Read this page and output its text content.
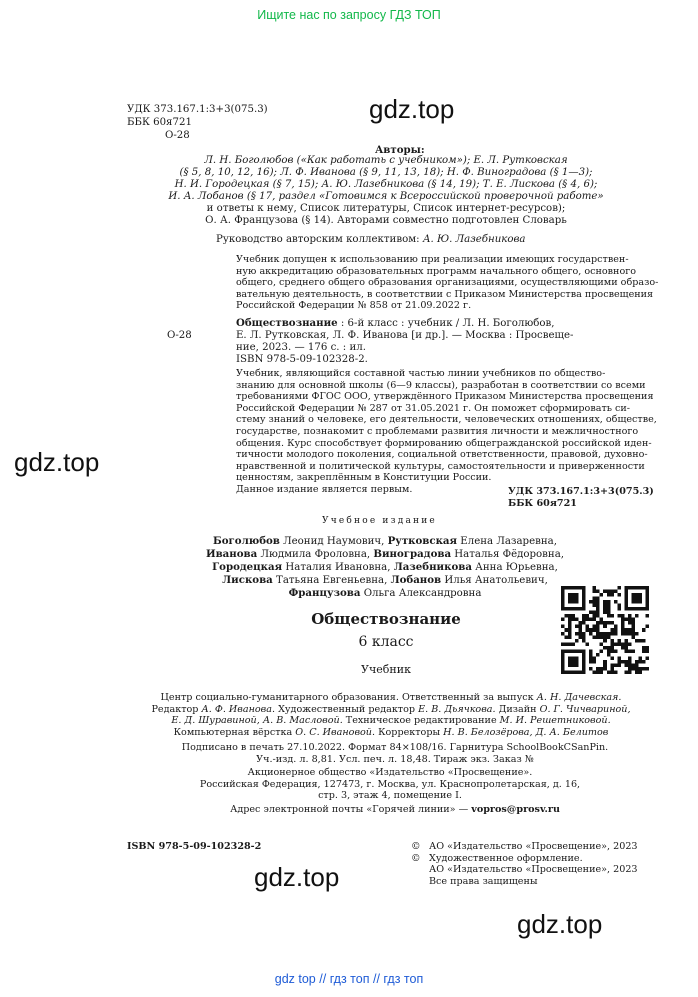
Ищите нас по запросу ГДЗ ТОП
gdz.top
gdz.top
gdz.top
gdz.top
УДК 373.167.1:3+3(075.3)
ББК 60я721
О-28
Авторы:
Л. Н. Боголюбов («Как работать с учебником»); Е. Л. Рутковская
(§ 5, 8, 10, 12, 16); Л. Ф. Иванова (§ 9, 11, 13, 18); Н. Ф. Виноградова (§ 1—3);
Н. И. Городецкая (§ 7, 15); А. Ю. Лазебникова (§ 14, 19); Т. Е. Лискова (§ 4, 6);
И. А. Лобанов (§ 17, раздел «Готовимся к Всероссийской проверочной работе»
и ответы к нему, Список литературы, Список интернет-ресурсов);
О. А. Французова (§ 14). Авторами совместно подготовлен Словарь
Руководство авторским коллективом: А. Ю. Лазебникова
Учебник допущен к использованию при реализации имеющих государствен-
ную аккредитацию образовательных программ начального общего, основного
общего, среднего общего образования организациями, осуществляющими образо-
вательную деятельность, в соответствии с Приказом Министерства просвещения
Российской Федерации № 858 от 21.09.2022 г.
О-28
Обществознание : 6-й класс : учебник / Л. Н. Боголюбов,
Е. Л. Рутковская, Л. Ф. Иванова [и др.]. — Москва : Просвеще-
ние, 2023. — 176 с. : ил.
ISBN 978-5-09-102328-2.
Учебник, являющийся составной частью линии учебников по общество-
знанию для основной школы (6—9 классы), разработан в соответствии со всеми
требованиями ФГОС ООО, утверждённого Приказом Министерства просвещения
Российской Федерации № 287 от 31.05.2021 г. Он поможет сформировать си-
стему знаний о человеке, его деятельности, человеческих отношениях, обществе,
государстве, познакомит с проблемами развития личности и межличностного
общения. Курс способствует формированию общегражданской российской иден-
тичности молодого поколения, социальной ответственности, правовой, духовно-
нравственной и политической культуры, самостоятельности и приверженности
ценностям, закреплённым в Конституции России.
Данное издание является первым.	УДК 373.167.1:3+3(075.3)
ББК 60я721
Учебное издание
Боголюбов Леонид Наумович, Рутковская Елена Лазаревна,
Иванова Людмила Фроловна, Виноградова Наталья Фёдоровна,
Городецкая Наталия Ивановна, Лазебникова Анна Юрьевна,
Лискова Татьяна Евгеньевна, Лобанов Илья Анатольевич,
Французова Ольга Александровна
Обществознание
6 класс
Учебник
Центр социально-гуманитарного образования. Ответственный за выпуск А. Н. Дачевская.
Редактор А. Ф. Иванова. Художественный редактор Е. В. Дьячкова. Дизайн О. Г. Чичвариной,
Е. Д. Шуравиной, А. В. Масловой. Техническое редактирование М. И. Решетниковой.
Компьютерная вёрстка О. С. Ивановой. Корректоры Н. В. Белозёрова, Д. А. Белитов
Подписано в печать 27.10.2022. Формат 84×108/16. Гарнитура SchoolBookCSanPin.
Уч.-изд. л. 8,81. Усл. печ. л. 18,48. Тираж экз. Заказ №
Акционерное общество «Издательство «Просвещение».
Российская Федерация, 127473, г. Москва, ул. Краснопролетарская, д. 16,
стр. 3, этаж 4, помещение I.
Адрес электронной почты «Горячей линии» — vopros@prosv.ru
ISBN 978-5-09-102328-2	© АО «Издательство «Просвещение», 2023
© Художественное оформление.
АО «Издательство «Просвещение», 2023
Все права защищены
gdz top // гдз топ // гдз топ
